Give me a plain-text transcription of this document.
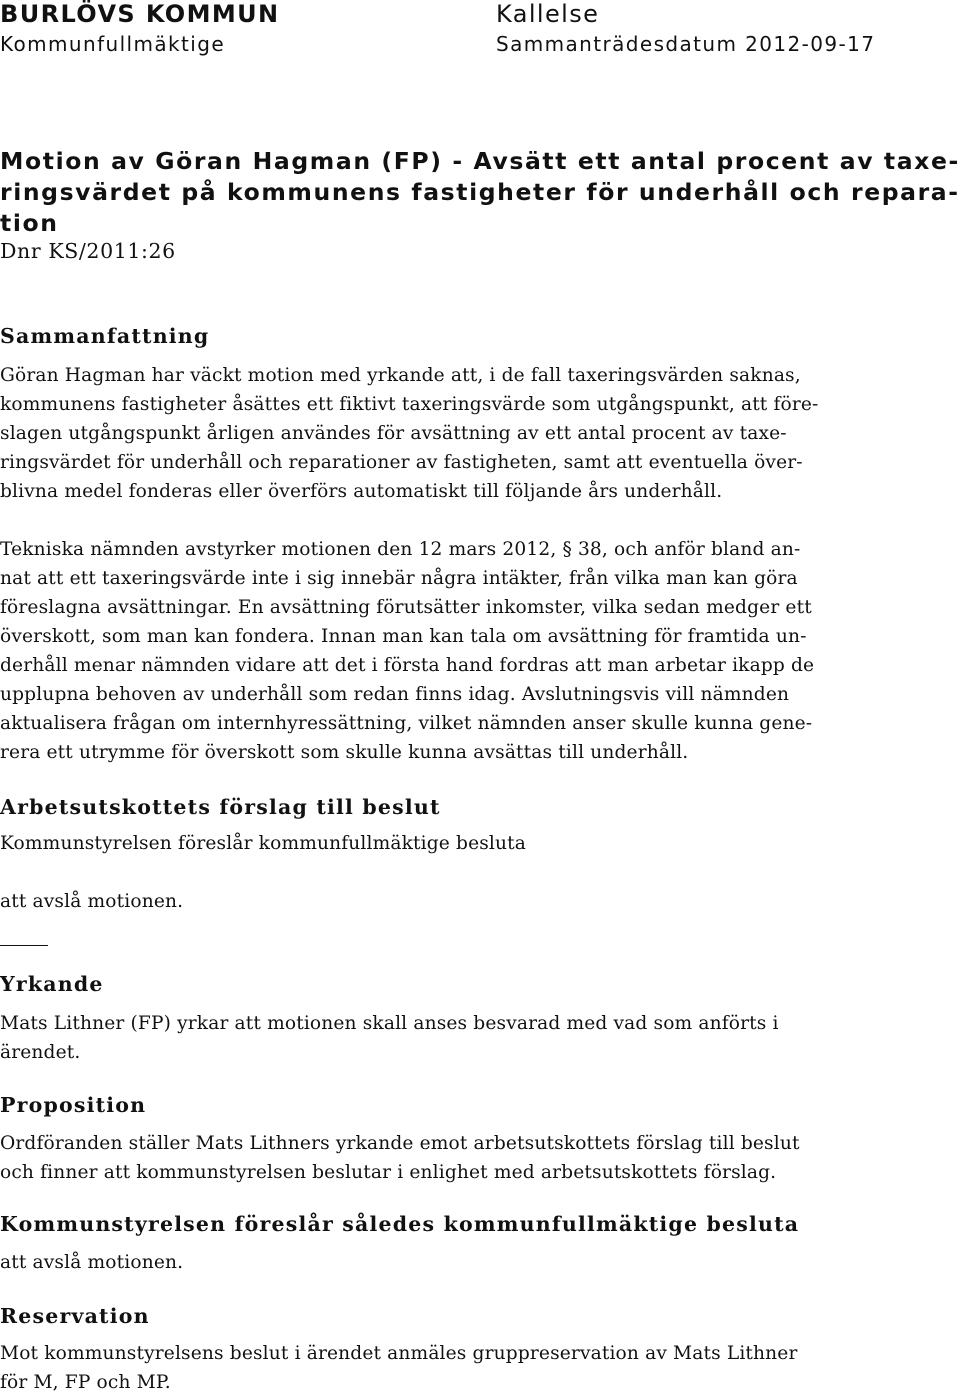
BURLÖVS KOMMUN
Kommunfullmäktige
Kallelse
Sammanträdesdatum 2012-09-17
Motion av Göran Hagman (FP) - Avsätt ett antal procent av taxe-
ringsvärdet på kommunens fastigheter för underhåll och repara-
tion
Dnr KS/2011:26
Sammanfattning
Göran Hagman har väckt motion med yrkande att, i de fall taxeringsvärden saknas,
kommunens fastigheter åsättes ett fiktivt taxeringsvärde som utgångspunkt, att före-
slagen utgångspunkt årligen användes för avsättning av ett antal procent av taxe-
ringsvärdet för underhåll och reparationer av fastigheten, samt att eventuella över-
blivna medel fonderas eller överförs automatiskt till följande års underhåll.
Tekniska nämnden avstyrker motionen den 12 mars 2012, § 38, och anför bland an-
nat att ett taxeringsvärde inte i sig innebär några intäkter, från vilka man kan göra
föreslagna avsättningar. En avsättning förutsätter inkomster, vilka sedan medger ett
överskott, som man kan fondera. Innan man kan tala om avsättning för framtida un-
derhåll menar nämnden vidare att det i första hand fordras att man arbetar ikapp de
upplupna behoven av underhåll som redan finns idag. Avslutningsvis vill nämnden
aktualisera frågan om internhyressättning, vilket nämnden anser skulle kunna gene-
rera ett utrymme för överskott som skulle kunna avsättas till underhåll.
Arbetsutskottets förslag till beslut
Kommunstyrelsen föreslår kommunfullmäktige besluta
att avslå motionen.
Yrkande
Mats Lithner (FP) yrkar att motionen skall anses besvarad med vad som anförts i
ärendet.
Proposition
Ordföranden ställer Mats Lithners yrkande emot arbetsutskottets förslag till beslut
och finner att kommunstyrelsen beslutar i enlighet med arbetsutskottets förslag.
Kommunstyrelsen föreslår således kommunfullmäktige besluta
att avslå motionen.
Reservation
Mot kommunstyrelsens beslut i ärendet anmäles gruppreservation av Mats Lithner
för M, FP och MP.
